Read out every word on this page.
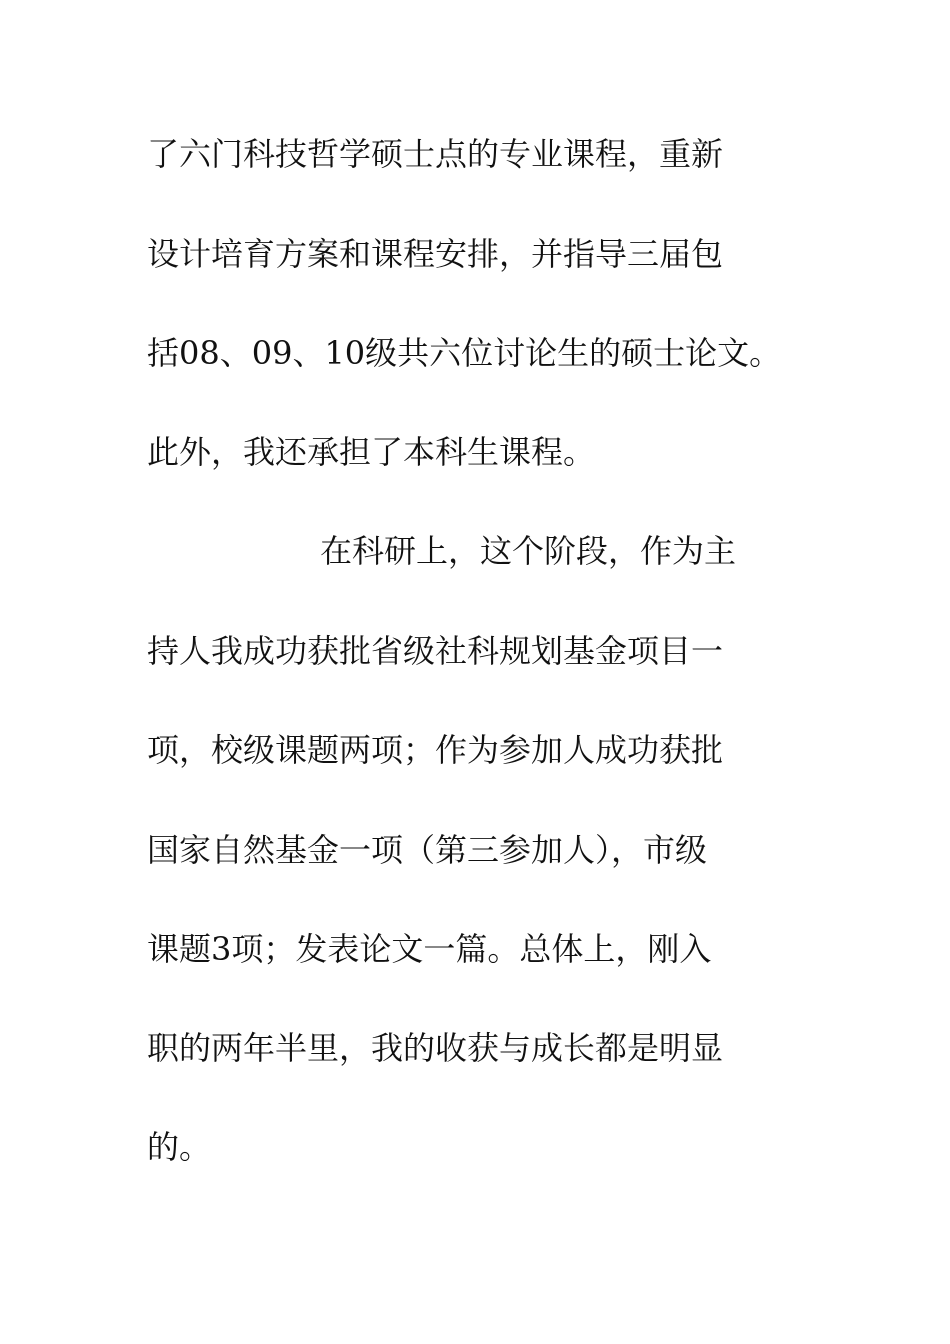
了六门科技哲学硕士点的专业课程，重新
设计培育方案和课程安排，并指导三届包
括08、09、10级共六位讨论生的硕士论文。
此外，我还承担了本科生课程。
在科研上，这个阶段，作为主
持人我成功获批省级社科规划基金项目一
项，校级课题两项；作为参加人成功获批
国家自然基金一项（第三参加人），市级
课题3项；发表论文一篇。总体上，刚入
职的两年半里，我的收获与成长都是明显
的。
